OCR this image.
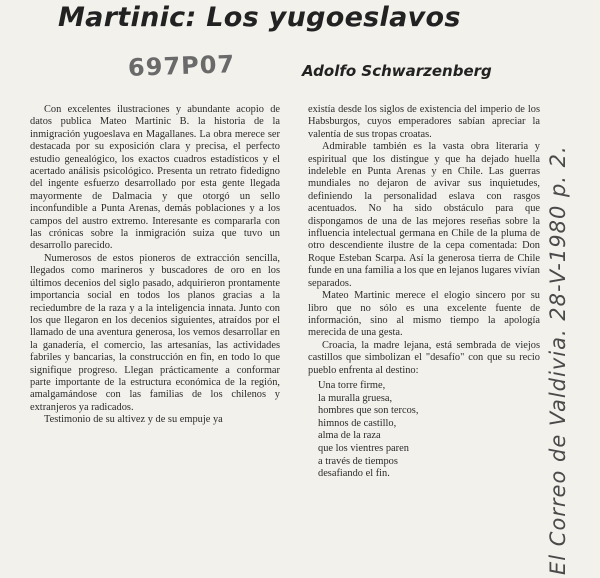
Martinic: Los yugoeslavos
697P07	Adolfo Schwarzenberg
El Correo de Valdivia. 28-V-1980 p. 2.

Con excelentes ilustraciones y abundante acopio de datos publica Mateo Martinic B. la historia de la inmigración yugoeslava en Magallanes. La obra merece ser destacada por su exposición clara y precisa, el perfecto estudio genealógico, los exactos cuadros estadísticos y el acertado análisis psicológico. Presenta un retrato fidedigno del ingente esfuerzo desarrollado por esta gente llegada mayormente de Dalmacia y que otorgó un sello inconfundible a Punta Arenas, demás poblaciones y a los campos del austro extremo. Interesante es compararla con las crónicas sobre la inmigración suiza que tuvo un desarrollo parecido.

Numerosos de estos pioneros de extracción sencilla, llegados como marineros y buscadores de oro en los últimos decenios del siglo pasado, adquirieron prontamente importancia social en todos los planos gracias a la reciedumbre de la raza y a la inteligencia innata. Junto con los que llegaron en los decenios siguientes, atraídos por el llamado de una aventura generosa, los vemos desarrollar en la ganadería, el comercio, las artesanías, las actividades fabriles y bancarias, la construcción en fin, en todo lo que signifique progreso. Llegan prácticamente a conformar parte importante de la estructura económica de la región, amalgamándose con las familias de los chilenos y extranjeros ya radicados.

Testimonio de su altivez y de su empuje ya

existía desde los siglos de existencia del imperio de los Habsburgos, cuyos emperadores sabían apreciar la valentía de sus tropas croatas.

Admirable también es la vasta obra literaria y espiritual que los distingue y que ha dejado huella indeleble en Punta Arenas y en Chile. Las guerras mundiales no dejaron de avivar sus inquietudes, definiendo la personalidad eslava con rasgos acentuados. No ha sido obstáculo para que dispongamos de una de las mejores reseñas sobre la influencia intelectual germana en Chile de la pluma de otro descendiente ilustre de la cepa comentada: Don Roque Esteban Scarpa. Así la generosa tierra de Chile funde en una familia a los que en lejanos lugares vivían separados.

Mateo Martinic merece el elogio sincero por su libro que no sólo es una excelente fuente de información, sino al mismo tiempo la apología merecida de una gesta.

Croacia, la madre lejana, está sembrada de viejos castillos que simbolizan el "desafío" con que su recio pueblo enfrenta al destino:

Una torre firme,
la muralla gruesa,
hombres que son tercos,
himnos de castillo,
alma de la raza
que los vientres paren
a través de tiempos
desafiando el fin.
